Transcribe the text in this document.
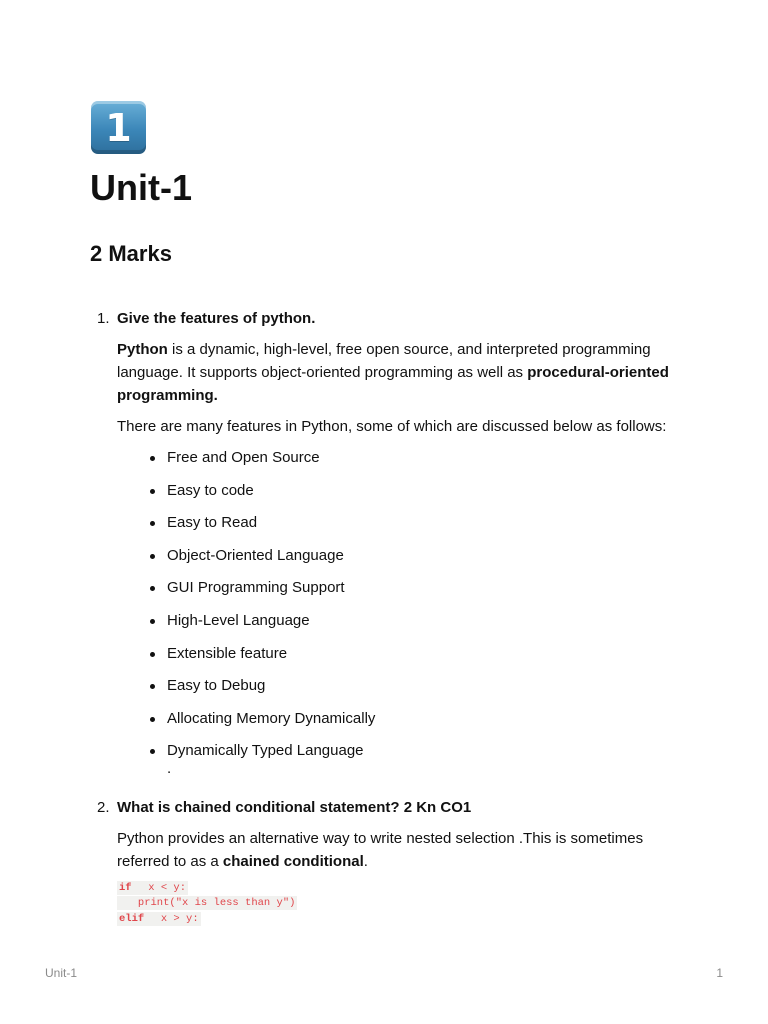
1
Unit-1
2 Marks
1. Give the features of python.

Python is a dynamic, high-level, free open source, and interpreted programming language. It supports object-oriented programming as well as procedural-oriented programming.

There are many features in Python, some of which are discussed below as follows:

Free and Open Source
Easy to code
Easy to Read
Object-Oriented Language
GUI Programming Support
High-Level Language
Extensible feature
Easy to Debug
Allocating Memory Dynamically
Dynamically Typed Language
.
2. What is chained conditional statement? 2 Kn CO1

Python provides an alternative way to write nested selection .This is sometimes referred to as a chained conditional.

if  x < y:
print("x is less than y")
elif  x > y:
Unit-1	1
